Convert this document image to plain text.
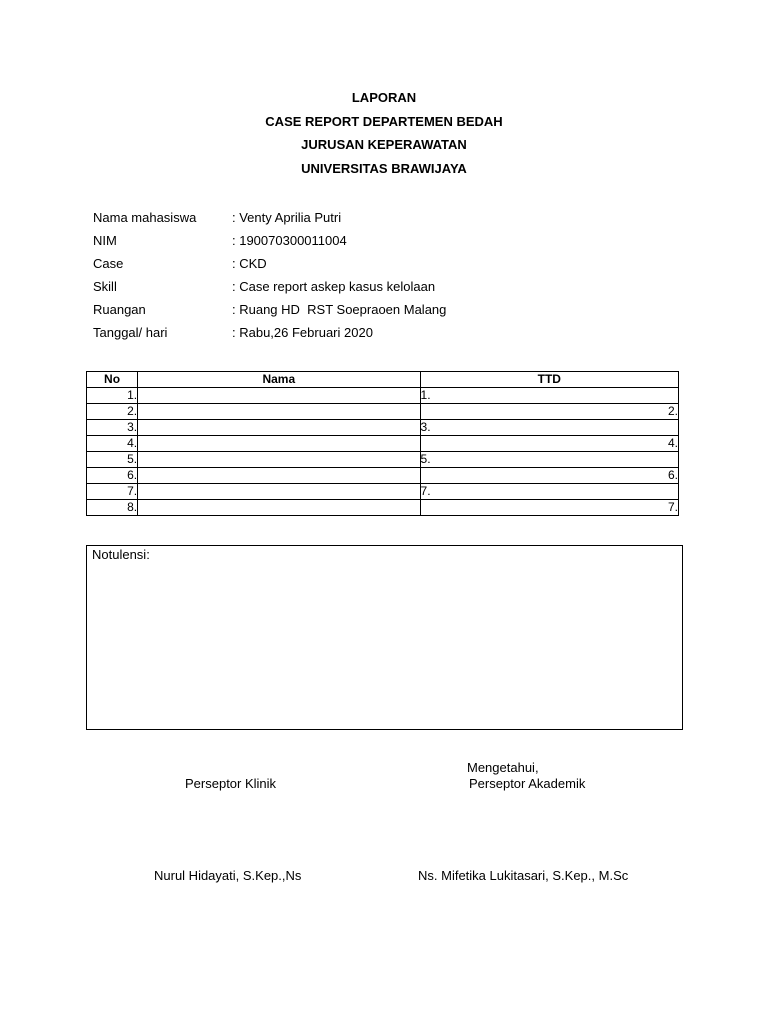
LAPORAN
CASE REPORT DEPARTEMEN BEDAH
JURUSAN KEPERAWATAN
UNIVERSITAS BRAWIJAYA
Nama mahasiswa	: Venty Aprilia Putri
NIM	: 190070300011004
Case	: CKD
Skill	: Case report askep kasus kelolaan
Ruangan	: Ruang HD  RST Soepraoen Malang
Tanggal/ hari	: Rabu,26 Februari 2020
No	Nama	TTD
1.		1.
2.		2.
3.		3.
4.		4.
5.		5.
6.		6.
7.		7.
8.		7.
Notulensi:
Mengetahui,
Perseptor Klinik	Perseptor Akademik
Nurul Hidayati, S.Kep.,Ns	Ns. Mifetika Lukitasari, S.Kep., M.Sc
